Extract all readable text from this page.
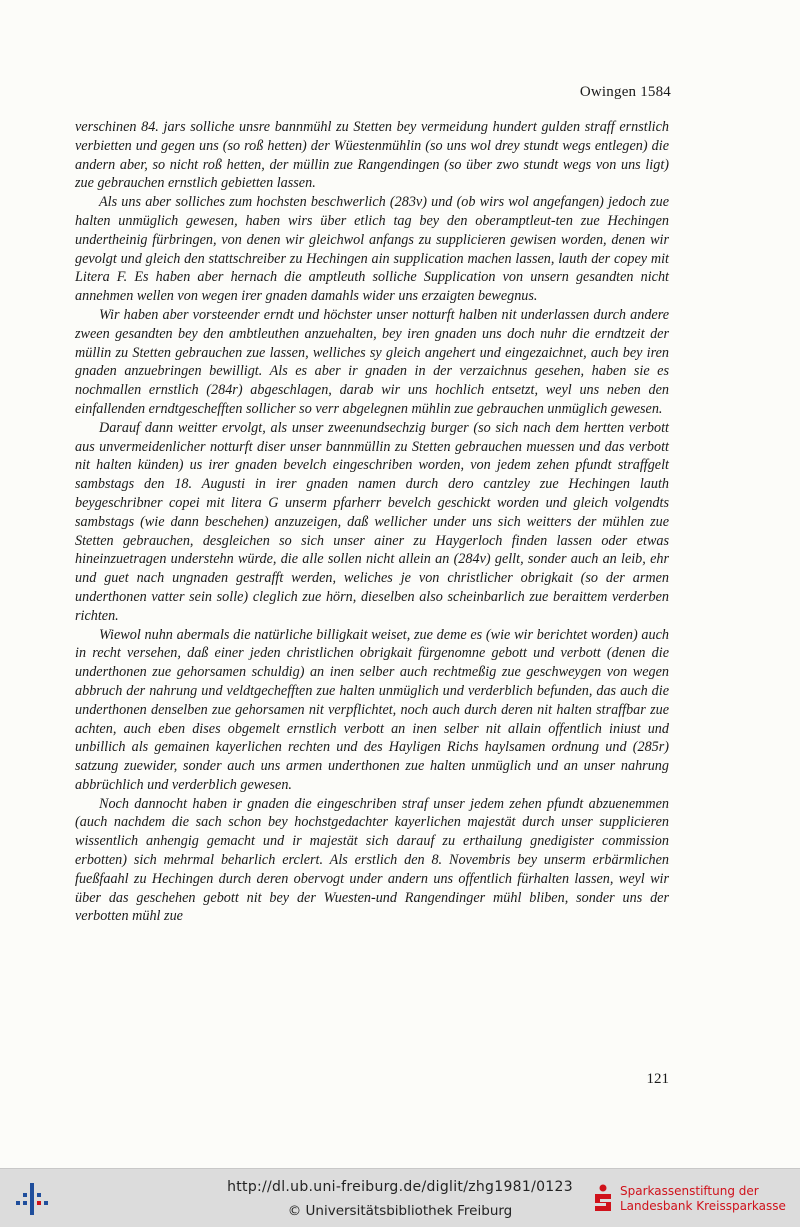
Owingen 1584

verschinen 84. jars solliche unsre bannmühl zu Stetten bey vermeidung hundert gulden straff ernstlich verbietten und gegen uns (so roß hetten) der Wüestenmühlin (so uns wol drey stundt wegs entlegen) die andern aber, so nicht roß hetten, der müllin zue Rangendingen (so über zwo stundt wegs von uns ligt) zue gebrauchen ernstlich gebietten lassen.

Als uns aber solliches zum hochsten beschwerlich (283v) und (ob wirs wol angefangen) jedoch zue halten unmüglich gewesen, haben wirs über etlich tag bey den oberamptleut-ten zue Hechingen undertheinig fürbringen, von denen wir gleichwol anfangs zu supplicieren gewisen worden, denen wir gevolgt und gleich den stattschreiber zu Hechingen ain supplication machen lassen, lauth der copey mit Litera F. Es haben aber hernach die amptleuth solliche Supplication von unsern gesandten nicht annehmen wellen von wegen irer gnaden damahls wider uns erzaigten bewegnus.

Wir haben aber vorsteender erndt und höchster unser notturft halben nit underlassen durch andere zween gesandten bey den ambtleuthen anzuehalten, bey iren gnaden uns doch nuhr die erndtzeit der müllin zu Stetten gebrauchen zue lassen, welliches sy gleich angehert und eingezaichnet, auch bey iren gnaden anzuebringen bewilligt. Als es aber ir gnaden in der verzaichnus gesehen, haben sie es nochmallen ernstlich (284r) abgeschlagen, darab wir uns hochlich entsetzt, weyl uns neben den einfallenden erndtgeschefften sollicher so verr abgelegnen mühlin zue gebrauchen unmüglich gewesen.

Darauf dann weitter ervolgt, als unser zweenundsechzig burger (so sich nach dem hertten verbott aus unvermeidenlicher notturft diser unser bannmüllin zu Stetten gebrauchen muessen und das verbott nit halten künden) us irer gnaden bevelch eingeschriben worden, von jedem zehen pfundt straffgelt sambstags den 18. Augusti in irer gnaden namen durch dero cantzley zue Hechingen lauth beygeschribner copei mit litera G unserm pfarherr bevelch geschickt worden und gleich volgendts sambstags (wie dann beschehen) anzuzeigen, daß wellicher under uns sich weitters der mühlen zue Stetten gebrauchen, desgleichen so sich unser ainer zu Haygerloch finden lassen oder etwas hineinzuetragen understehn würde, die alle sollen nicht allein an (284v) gellt, sonder auch an leib, ehr und guet nach ungnaden gestrafft werden, weliches je von christlicher obrigkait (so der armen underthonen vatter sein solle) cleglich zue hörn, dieselben also scheinbarlich zue beraittem verderben richten.

Wiewol nuhn abermals die natürliche billigkait weiset, zue deme es (wie wir berichtet worden) auch in recht versehen, daß einer jeden christlichen obrigkait fürgenomne gebott und verbott (denen die underthonen zue gehorsamen schuldig) an inen selber auch rechtmeßig zue geschweygen von wegen abbruch der nahrung und veldtgechefften zue halten unmüglich und verderblich befunden, das auch die underthonen denselben zue gehorsamen nit verpflichtet, noch auch durch deren nit halten straffbar zue achten, auch eben dises obgemelt ernstlich verbott an inen selber nit allain offentlich iniust und unbillich als gemainen kayerlichen rechten und des Hayligen Richs haylsamen ordnung und (285r) satzung zuewider, sonder auch uns armen underthonen zue halten unmüglich und an unser nahrung abbrüchlich und verderblich gewesen.

Noch dannocht haben ir gnaden die eingeschriben straf unser jedem zehen pfundt abzuenemmen (auch nachdem die sach schon bey hochstgedachter kayerlichen majestät durch unser supplicieren wissentlich anhengig gemacht und ir majestät sich darauf zu erthailung gnedigister commission erbotten) sich mehrmal beharlich erclert. Als erstlich den 8. Novembris bey unserm erbärmlichen fueßfaahl zu Hechingen durch deren obervogt under andern uns offentlich fürhalten lassen, weyl wir über das geschehen gebott nit bey der Wuesten-und Rangendinger mühl bliben, sonder uns der verbotten mühl zue

121
http://dl.ub.uni-freiburg.de/diglit/zhg1981/0123
© Universitätsbibliothek Freiburg
Sparkassenstiftung der
Landesbank Kreissparkasse
